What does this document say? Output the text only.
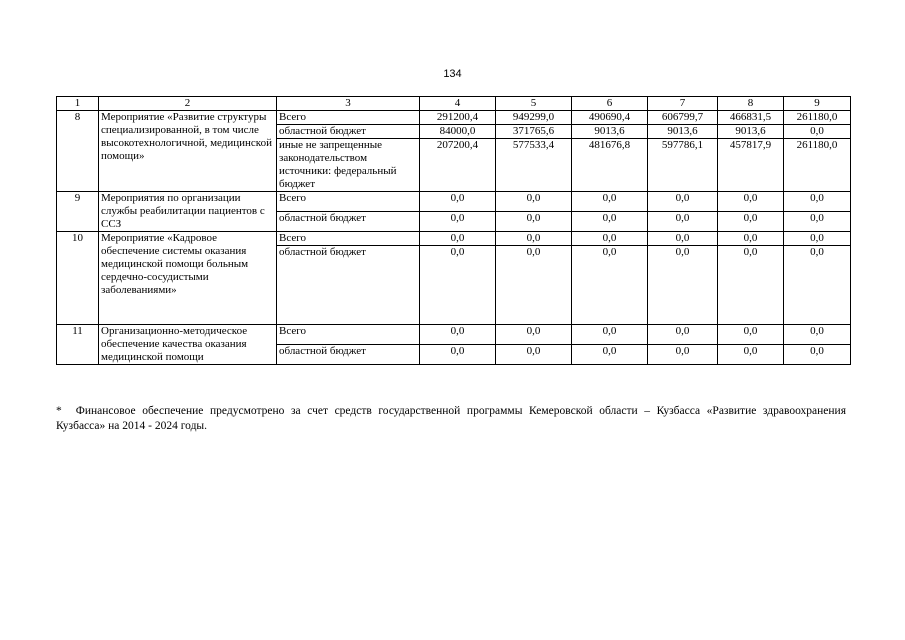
134
1	2	3	4	5	6	7	8	9
8	Мероприятие «Развитие структуры специализированной, в том числе высокотехнологичной, медицинской помощи»	Всего	291200,4	949299,0	490690,4	606799,7	466831,5	261180,0
		областной бюджет	84000,0	371765,6	9013,6	9013,6	9013,6	0,0
		иные не запрещенные законодательством источники: федеральный бюджет	207200,4	577533,4	481676,8	597786,1	457817,9	261180,0
9	Мероприятия по организации службы реабилитации пациентов с ССЗ	Всего	0,0	0,0	0,0	0,0	0,0	0,0
		областной бюджет	0,0	0,0	0,0	0,0	0,0	0,0
10	Мероприятие «Кадровое обеспечение системы оказания медицинской помощи больным сердечно-сосудистыми заболеваниями»	Всего	0,0	0,0	0,0	0,0	0,0	0,0
		областной бюджет	0,0	0,0	0,0	0,0	0,0	0,0
11	Организационно-методическое обеспечение качества оказания медицинской помощи	Всего	0,0	0,0	0,0	0,0	0,0	0,0
		областной бюджет	0,0	0,0	0,0	0,0	0,0	0,0
* Финансовое обеспечение предусмотрено за счет средств государственной программы Кемеровской области – Кузбасса «Развитие здравоохранения Кузбасса» на 2014 - 2024 годы.
